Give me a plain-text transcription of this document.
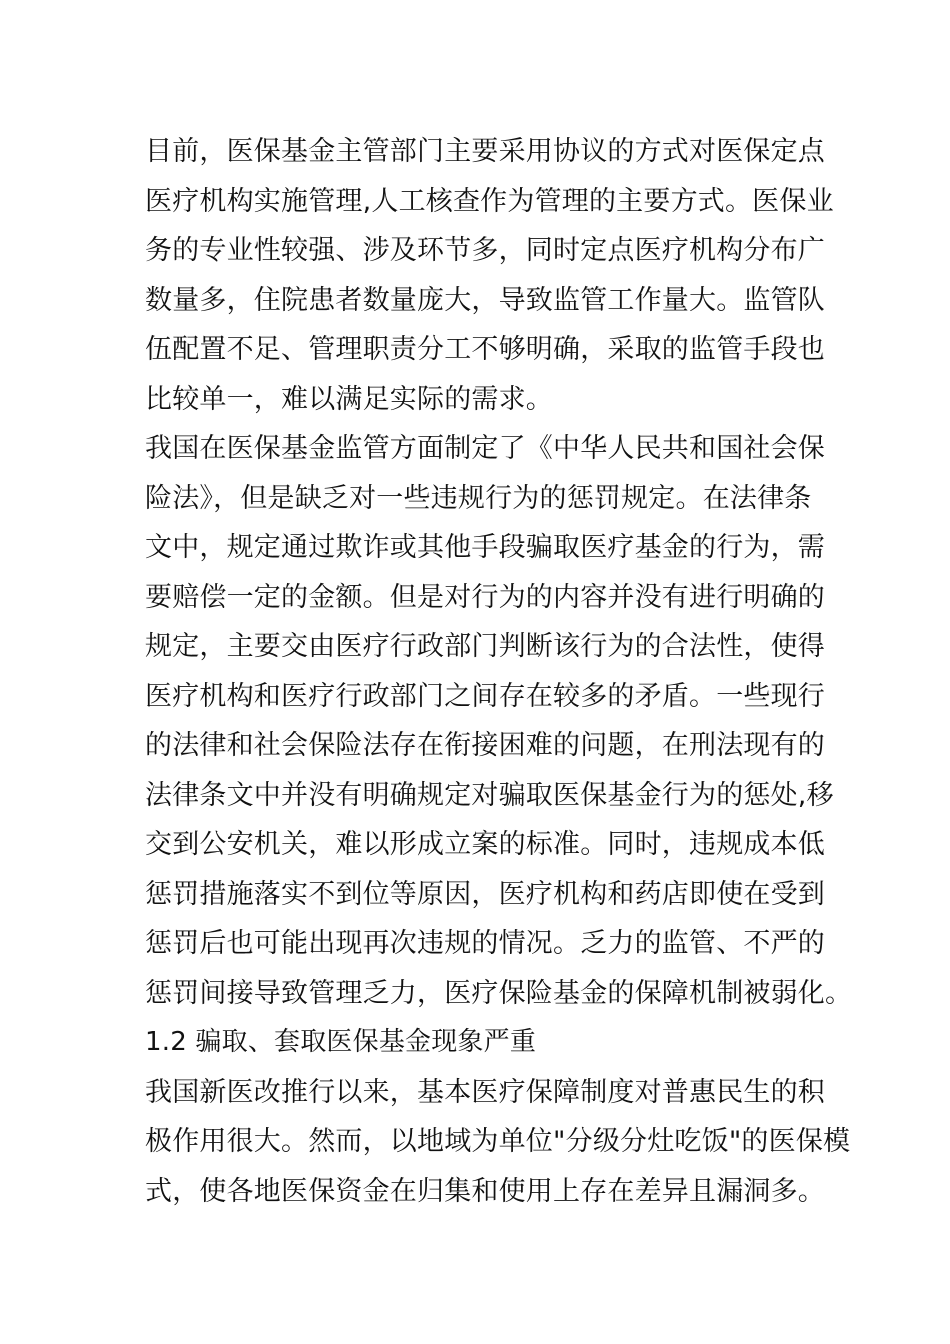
目前，医保基金主管部门主要采用协议的方式对医保定点
医疗机构实施管理,人工核查作为管理的主要方式。医保业
务的专业性较强、涉及环节多，同时定点医疗机构分布广
数量多，住院患者数量庞大，导致监管工作量大。监管队
伍配置不足、管理职责分工不够明确，采取的监管手段也
比较单一，难以满足实际的需求。
我国在医保基金监管方面制定了《中华人民共和国社会保
险法》，但是缺乏对一些违规行为的惩罚规定。在法律条
文中，规定通过欺诈或其他手段骗取医疗基金的行为，需
要赔偿一定的金额。但是对行为的内容并没有进行明确的
规定，主要交由医疗行政部门判断该行为的合法性，使得
医疗机构和医疗行政部门之间存在较多的矛盾。一些现行
的法律和社会保险法存在衔接困难的问题，在刑法现有的
法律条文中并没有明确规定对骗取医保基金行为的惩处,移
交到公安机关，难以形成立案的标准。同时，违规成本低
惩罚措施落实不到位等原因，医疗机构和药店即使在受到
惩罚后也可能出现再次违规的情况。乏力的监管、不严的
惩罚间接导致管理乏力，医疗保险基金的保障机制被弱化。
1.2 骗取、套取医保基金现象严重
我国新医改推行以来，基本医疗保障制度对普惠民生的积
极作用很大。然而，以地域为单位"分级分灶吃饭"的医保模
式，使各地医保资金在归集和使用上存在差异且漏洞多。
